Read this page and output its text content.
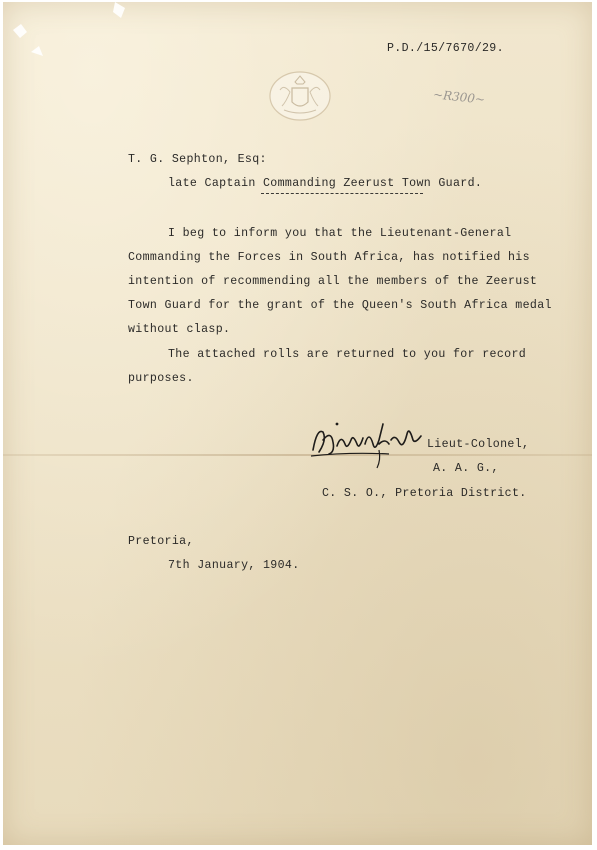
P.D./15/7670/29.
~R300~
T. G. Sephton, Esq:
late Captain Commanding Zeerust Town Guard.
I beg to inform you that the Lieutenant-General
Commanding the Forces in South Africa, has notified his
intention of recommending all the members of the Zeerust
Town Guard for the grant of the Queen's South Africa medal
without clasp.
The attached rolls are returned to you for record
purposes.
Lieut-Colonel,
A. A. G.,
C. S. O., Pretoria District.
Pretoria,
7th January, 1904.
